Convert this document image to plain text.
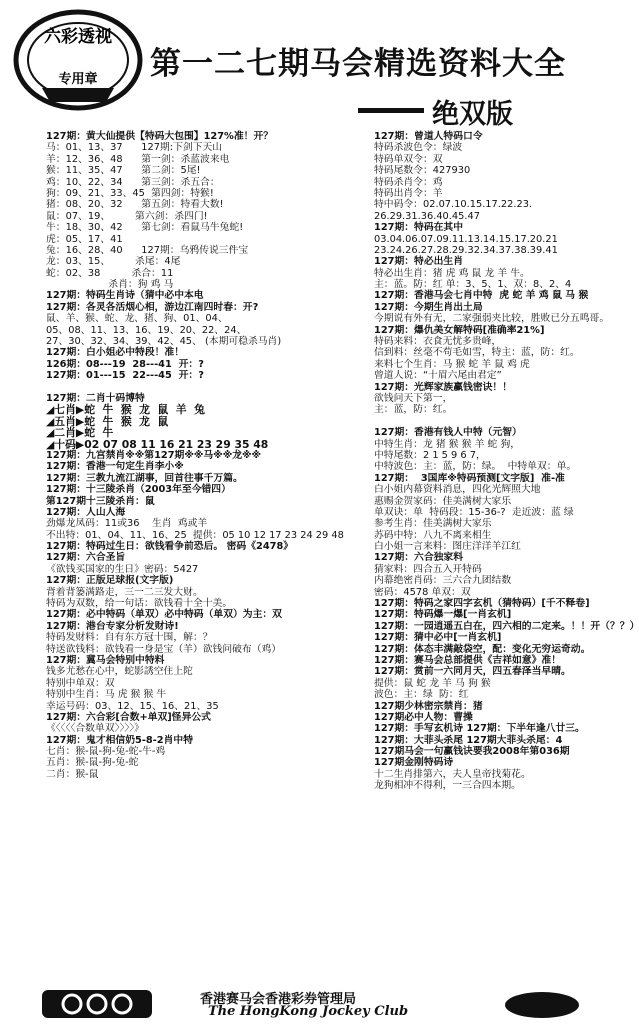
六彩透视
专用章 第一二七期马会精选资料大全
绝双版
127期：黄大仙提供【特码大包围】127%准！开？
马：01、13、37      127期:下剑下天山
羊：12、36、48      第一剑：杀蓝波来电
猴：11、35、47      第二剑：5尾!
鸡：10、22、34      第三剑：杀五合：
狗：09、21、33、45  第四剑：特猴!
猪：08、20、32      第五剑：特看大数!
鼠：07、19、        第六剑：杀四门!
牛：18、30、42      第七剑：看鼠马牛兔蛇!
虎：05、17、41
兔：16、28、40      127期：乌鸦传说三件宝
龙：03、15、        杀尾：4尾
蛇：02、38          杀合：11
杀肖：狗 鸡 马
127期：特码生肖诗（猜中必中本电
127期：各灵各活烟心相，游边江南四时春：开?
鼠、羊、猴、蛇、龙、猪、狗、01、04、
05、08、11、13、16、19、20、22、24、
27、30、32、34、39、42、45、 (本期可稳杀马肖)
127期：白小姐必中特段！准！
126期：08---19  28---41  开：?
127期：01---15  22---45  开：?
127期：二肖十码博特
◢七肖▶蛇  牛  猴  龙  鼠  羊  兔
◢五肖▶蛇  牛  猴  龙  鼠
◢二肖▶蛇  牛
◢十码▶02 07 08 11 16 21 23 29 35 48
127期：九宫禁肖※※第127期※※马※※龙※※
127期：香港一句定生肖李小※
127期：三教九流江湖事，回首往事千万篇。
127期：十三陵杀肖（2003年至今错四）
第127期十三陵杀肖：鼠
127期：人山人海
劲爆龙凤码：11或36    生肖  鸡或羊
不出特：01、04、11、16、25  提供：05 10 12 17 23 24 29 48
127期：特码过生日：欲钱看争前恐后。 密码《2478》
127期：六合圣旨
《欲钱买国家的生日》密码：5427
127期：正版足球报(文字版)
背着背篓满路走，三一二三发大财。
特码为双数，给一句话：欲钱看十全十美。
127期：必中特码（单双）必中特码（单双）为主：双
127期：港台专家分析发财诗!
特码发财料：自有东方冠十围，解：？
特送欲钱料：欲钱看一身是宝（羊）欲钱问破布（鸡）
127期：冀马会特别中特料
钱多尤愁在心中，蛇影誘空住上陀
特别中单双：双
特别中生肖：马 虎 猴 猴 牛
幸运号码：03、12、15、16、21、35
127期：六合彩[合数+单双]怪异公式
《〈〈〈〈合数单双〉〉〉〉》
127期：鬼才相信奶5-8-2肖中特
七肖：猴-鼠-狗-兔-蛇-牛-鸡
五肖：猴-鼠-狗-兔-蛇
二肖：猴-鼠
127期：曾道人特码口令
特码杀波色令：绿波
特码单双令：双
特码尾数令：427930
特码杀肖令：鸡
特码出肖令：羊
特中码令：02.07.10.15.17.22.23.
26.29.31.36.40.45.47
127期：特码在其中
03.04.06.07.09.11.13.14.15.17.20.21
23.24.26.27.28.29.32.34.37.38.39.41
127期：特必出生肖
特必出生肖：猪 虎 鸡 鼠 龙 羊 牛。
主：蓝。防：红 单：3、5、1、双：8、2、4
127期：香港马会七肖中特  虎 蛇 羊 鸡 鼠 马 猴
127期：今期生肖出土局
今期说有外有无，二家强弱夹比较，胜败已分五鸣哥。
127期：爆仇美女解特码[准确率21%]
特码来料：衣食无忧多贵峰，
信到料：丝毫不苟毛如雪，特主：蓝，防：红。
来料七个生肖：马 猴 蛇 羊 鼠 鸡 虎
曾道人说：“十眉六尾由君定”
127期：光辉家族赢钱密诀！！
欲钱问天下第一，
主：蓝，防：红。
127期：香港有钱人中特（元智）
中特生肖：龙 猪 猴 猴 羊 蛇 狗，
中特尾数：2 1 5 9 6 7，
中特波色：主：蓝，防：绿。  中特单双：单。
127期：  3国库※特码预测[文字版]  准-准
白小姐内幕资料消息，四化光辉照大地
惠赐金贺家码：佳美满树大家乐
单双诀：单  特码段：15-36-?  走近波：蓝 绿
参考生肖：佳美满树大家乐
苏码中特：八九不离来相生
白小姐一言来料：图庄洋洋羊江红
127期：六合独家料
猜家料：四合五入开特码
内幕绝密肖码：三六合九团结数
密码：4578 单双：双
127期：特码之家四字玄机（猜特码）[千不释卷]
127期：特码爆一爆[一肖玄机]
127期：一园逍遥五白在，四六相的二定来。！！开（？？）
127期：猜中必中[一肖玄机]
127期：体态丰满敲袋空，配：变化无穷运奇动。
127期：赛马会总部提供《吉祥如意》准！
127期：赏前一六同月天，四五春泽当早晴。
提供：鼠 蛇 龙 羊 马 狗 猴
波色：主：绿  防：红
127期少林密宗禁肖：猪
127期必中人物：曹操
127期：手写玄机诗 127期：下半年逢八廿三。
127期：大菲头杀尾 127期大菲头杀尾：4
127期马会一句赢钱诀要我2008年第036期
127期金刚特码诗
十二生肖排第六，夫人皇帝找菊花。
龙狗相冲不得利，一三合四本期。
香港赛马会香港彩券管理局
The HongKong Jockey Club
